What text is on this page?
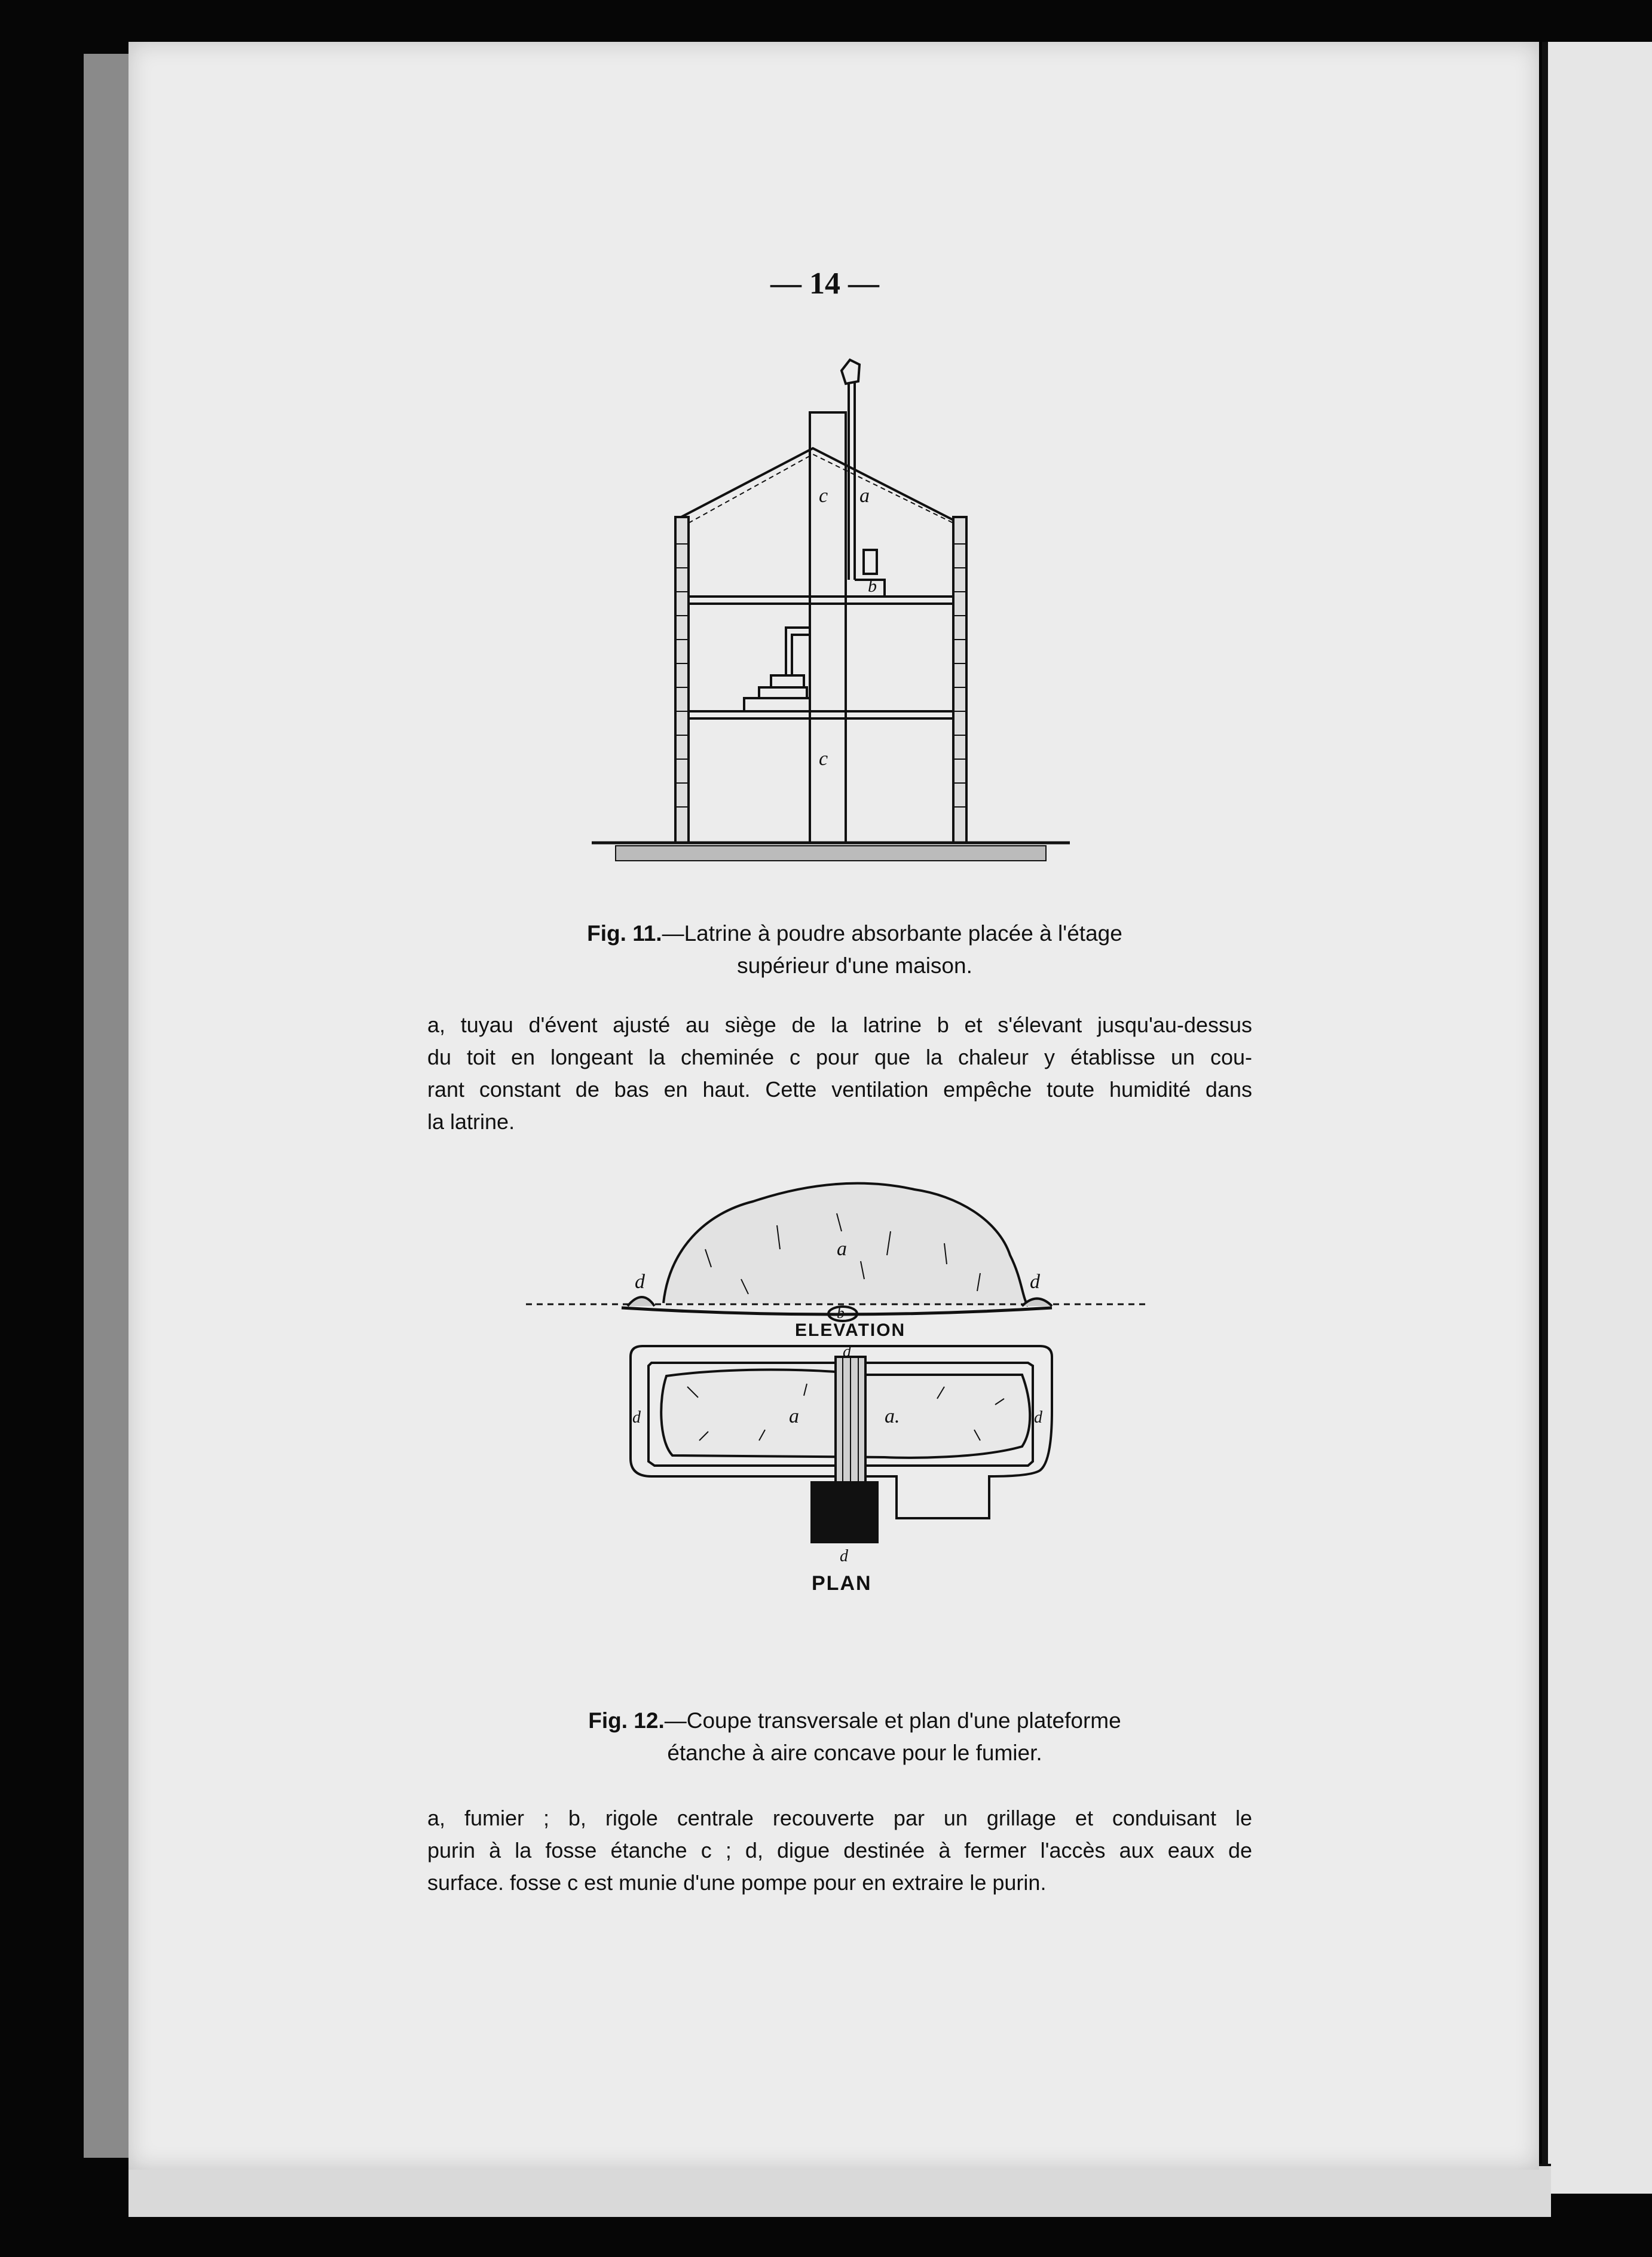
— 14 —
c a
b
c
Fig. 11.—Latrine à poudre absorbante placée à l'étage
supérieur d'une maison.
a, tuyau d'évent ajusté au siège de la latrine b et s'élevant jusqu'au-dessus
du toit en longeant la cheminée c pour que la chaleur y établisse un cou-
rant constant de bas en haut. Cette ventilation empêche toute humidité dans
la latrine.
d
a
d
b
ELEVATION
d
d	a	a.	d
d
PLAN
Fig. 12.—Coupe transversale et plan d'une plateforme
étanche à aire concave pour le fumier.
a, fumier ; b, rigole centrale recouverte par un grillage et conduisant le
purin à la fosse étanche c ; d, digue destinée à fermer l'accès aux eaux de
surface. fosse c est munie d'une pompe pour en extraire le purin.
